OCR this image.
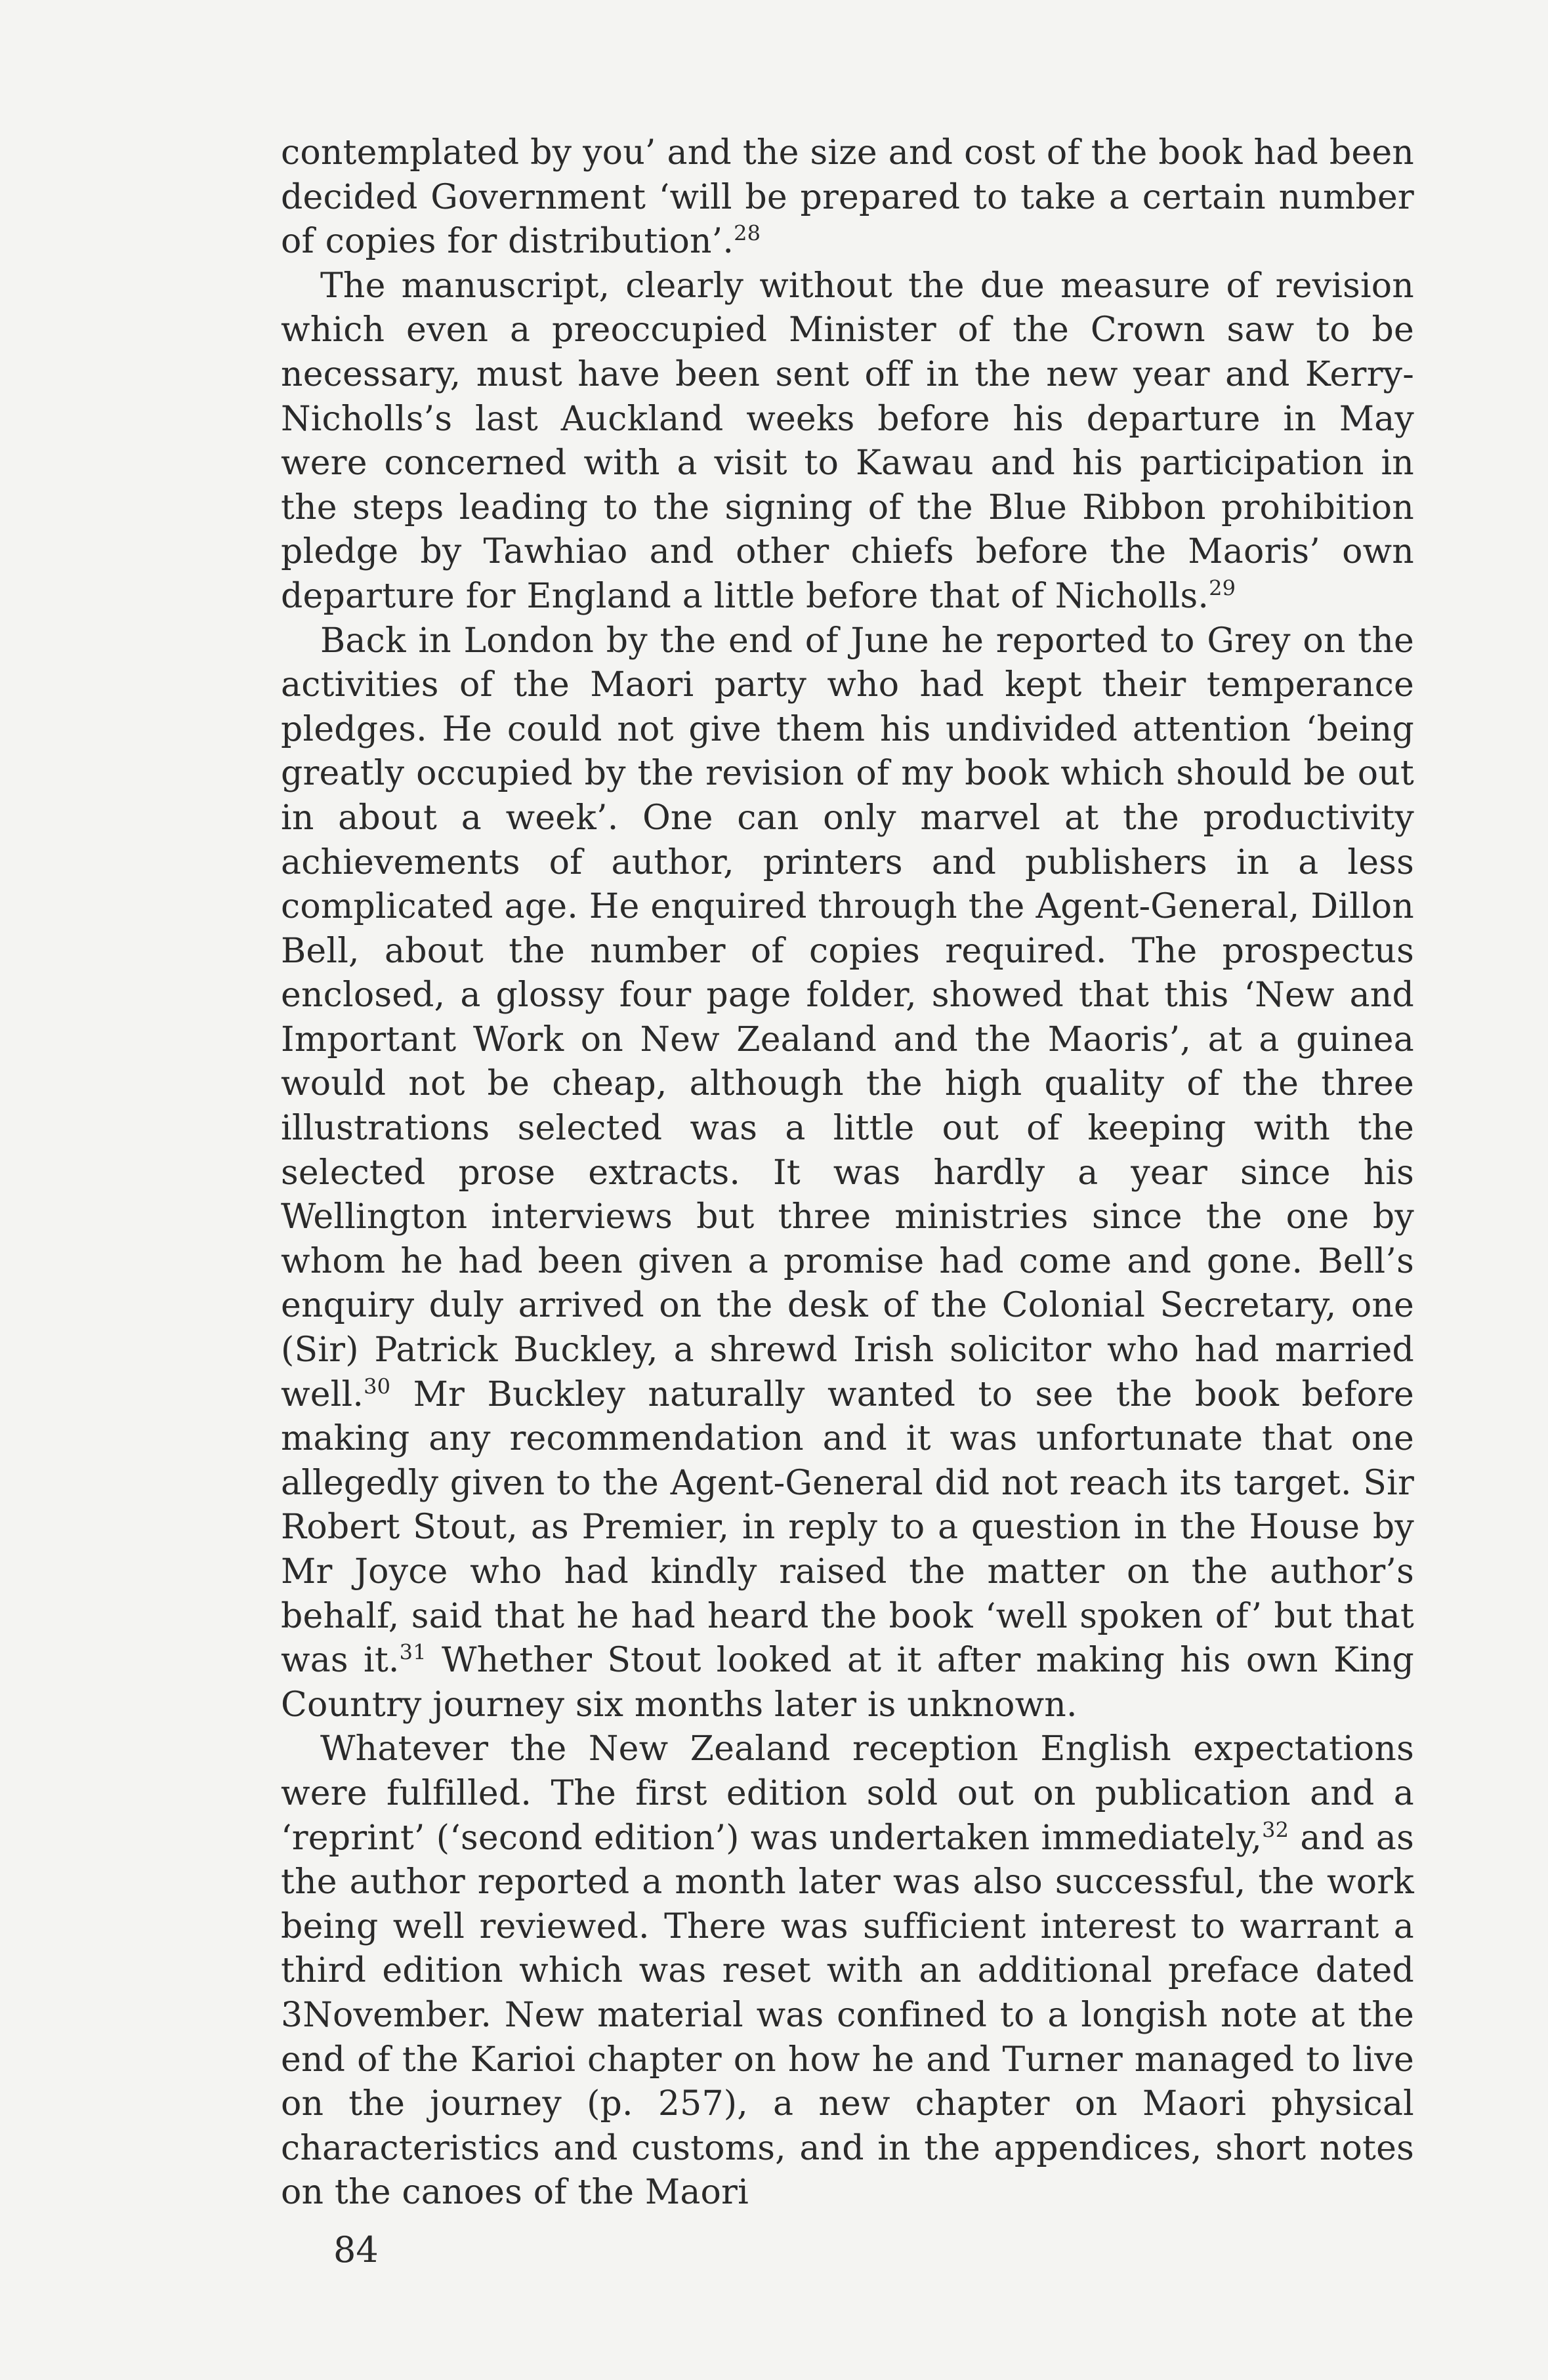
contemplated by you’ and the size and cost of the book had been decided Government ‘will be prepared to take a certain number of copies for distribution’.$^{28}$

The manuscript, clearly without the due measure of revision which even a preoccupied Minister of the Crown saw to be necessary, must have been sent off in the new year and Kerry-Nicholls’s last Auckland weeks before his departure in May were concerned with a visit to Kawau and his participation in the steps leading to the signing of the Blue Ribbon prohibition pledge by Tawhiao and other chiefs before the Maoris’ own departure for England a little before that of Nicholls.$^{29}$

Back in London by the end of June he reported to Grey on the activities of the Maori party who had kept their temperance pledges. He could not give them his undivided attention ‘being greatly occupied by the revision of my book which should be out in about a week’. One can only marvel at the productivity achievements of author, printers and publishers in a less complicated age. He enquired through the Agent-General, Dillon Bell, about the number of copies required. The prospectus enclosed, a glossy four page folder, showed that this ‘New and Important Work on New Zealand and the Maoris’, at a guinea would not be cheap, although the high quality of the three illustrations selected was a little out of keeping with the selected prose extracts. It was hardly a year since his Wellington interviews but three ministries since the one by whom he had been given a promise had come and gone. Bell’s enquiry duly arrived on the desk of the Colonial Secretary, one (Sir) Patrick Buckley, a shrewd Irish solicitor who had married well.$^{30}$ Mr Buckley naturally wanted to see the book before making any recommendation and it was unfortunate that one allegedly given to the Agent-General did not reach its target. Sir Robert Stout, as Premier, in reply to a question in the House by Mr Joyce who had kindly raised the matter on the author’s behalf, said that he had heard the book ‘well spoken of’ but that was it.$^{31}$ Whether Stout looked at it after making his own King Country journey six months later is unknown.

Whatever the New Zealand reception English expectations were fulfilled. The first edition sold out on publication and a ‘reprint’ (‘second edition’) was undertaken immediately,$^{32}$ and as the author reported a month later was also successful, the work being well reviewed. There was sufficient interest to warrant a third edition which was reset with an additional preface dated 3November. New material was confined to a longish note at the end of the Karioi chapter on how he and Turner managed to live on the journey (p. 257), a new chapter on Maori physical characteristics and customs, and in the appendices, short notes on the canoes of the Maori

84
